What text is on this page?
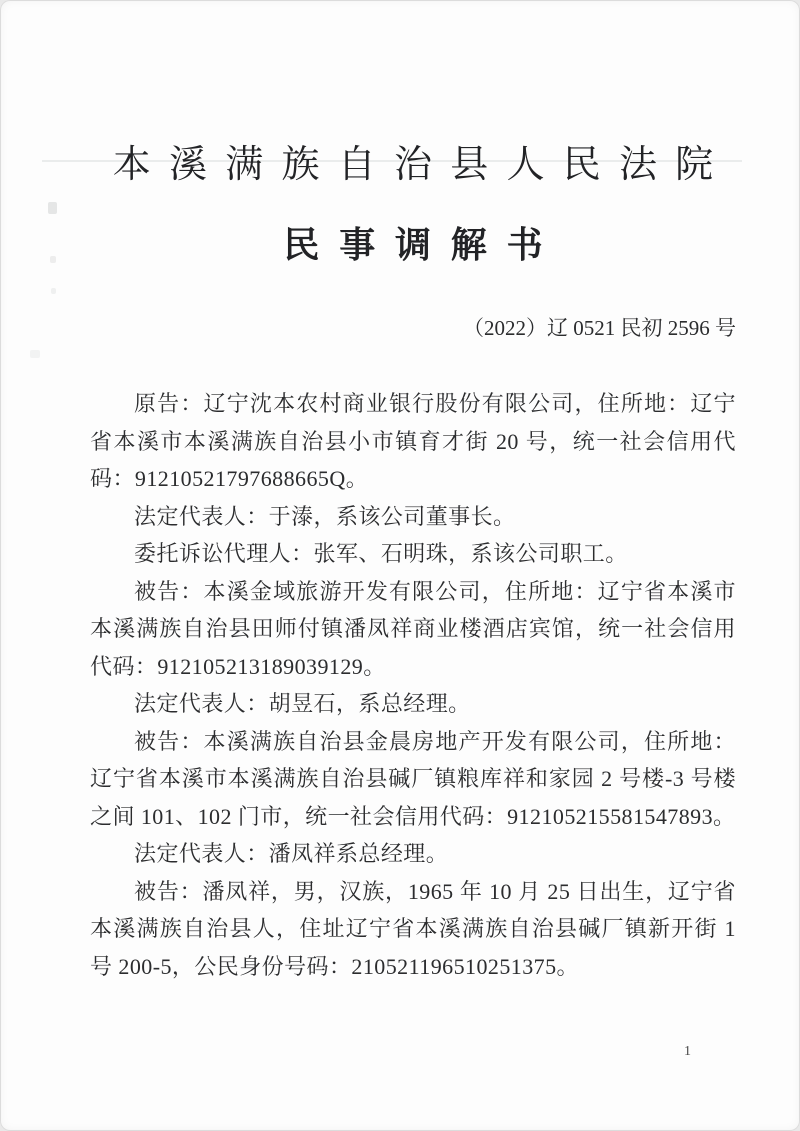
本溪满族自治县人民法院
民事调解书
（2022）辽 0521 民初 2596 号

原告：辽宁沈本农村商业银行股份有限公司，住所地：辽宁省本溪市本溪满族自治县小市镇育才街 20 号，统一社会信用代码：91210521797688665Q。

法定代表人：于溙，系该公司董事长。

委托诉讼代理人：张军、石明珠，系该公司职工。

被告：本溪金域旅游开发有限公司，住所地：辽宁省本溪市本溪满族自治县田师付镇潘凤祥商业楼酒店宾馆，统一社会信用代码：912105213189039129。

法定代表人：胡昱石，系总经理。

被告：本溪满族自治县金晨房地产开发有限公司，住所地：辽宁省本溪市本溪满族自治县碱厂镇粮库祥和家园 2 号楼-3 号楼之间 101、102 门市，统一社会信用代码：912105215581547893。

法定代表人：潘凤祥系总经理。

被告：潘凤祥，男，汉族，1965 年 10 月 25 日出生，辽宁省本溪满族自治县人，住址辽宁省本溪满族自治县碱厂镇新开街 1 号 200-5，公民身份号码：210521196510251375。

1
